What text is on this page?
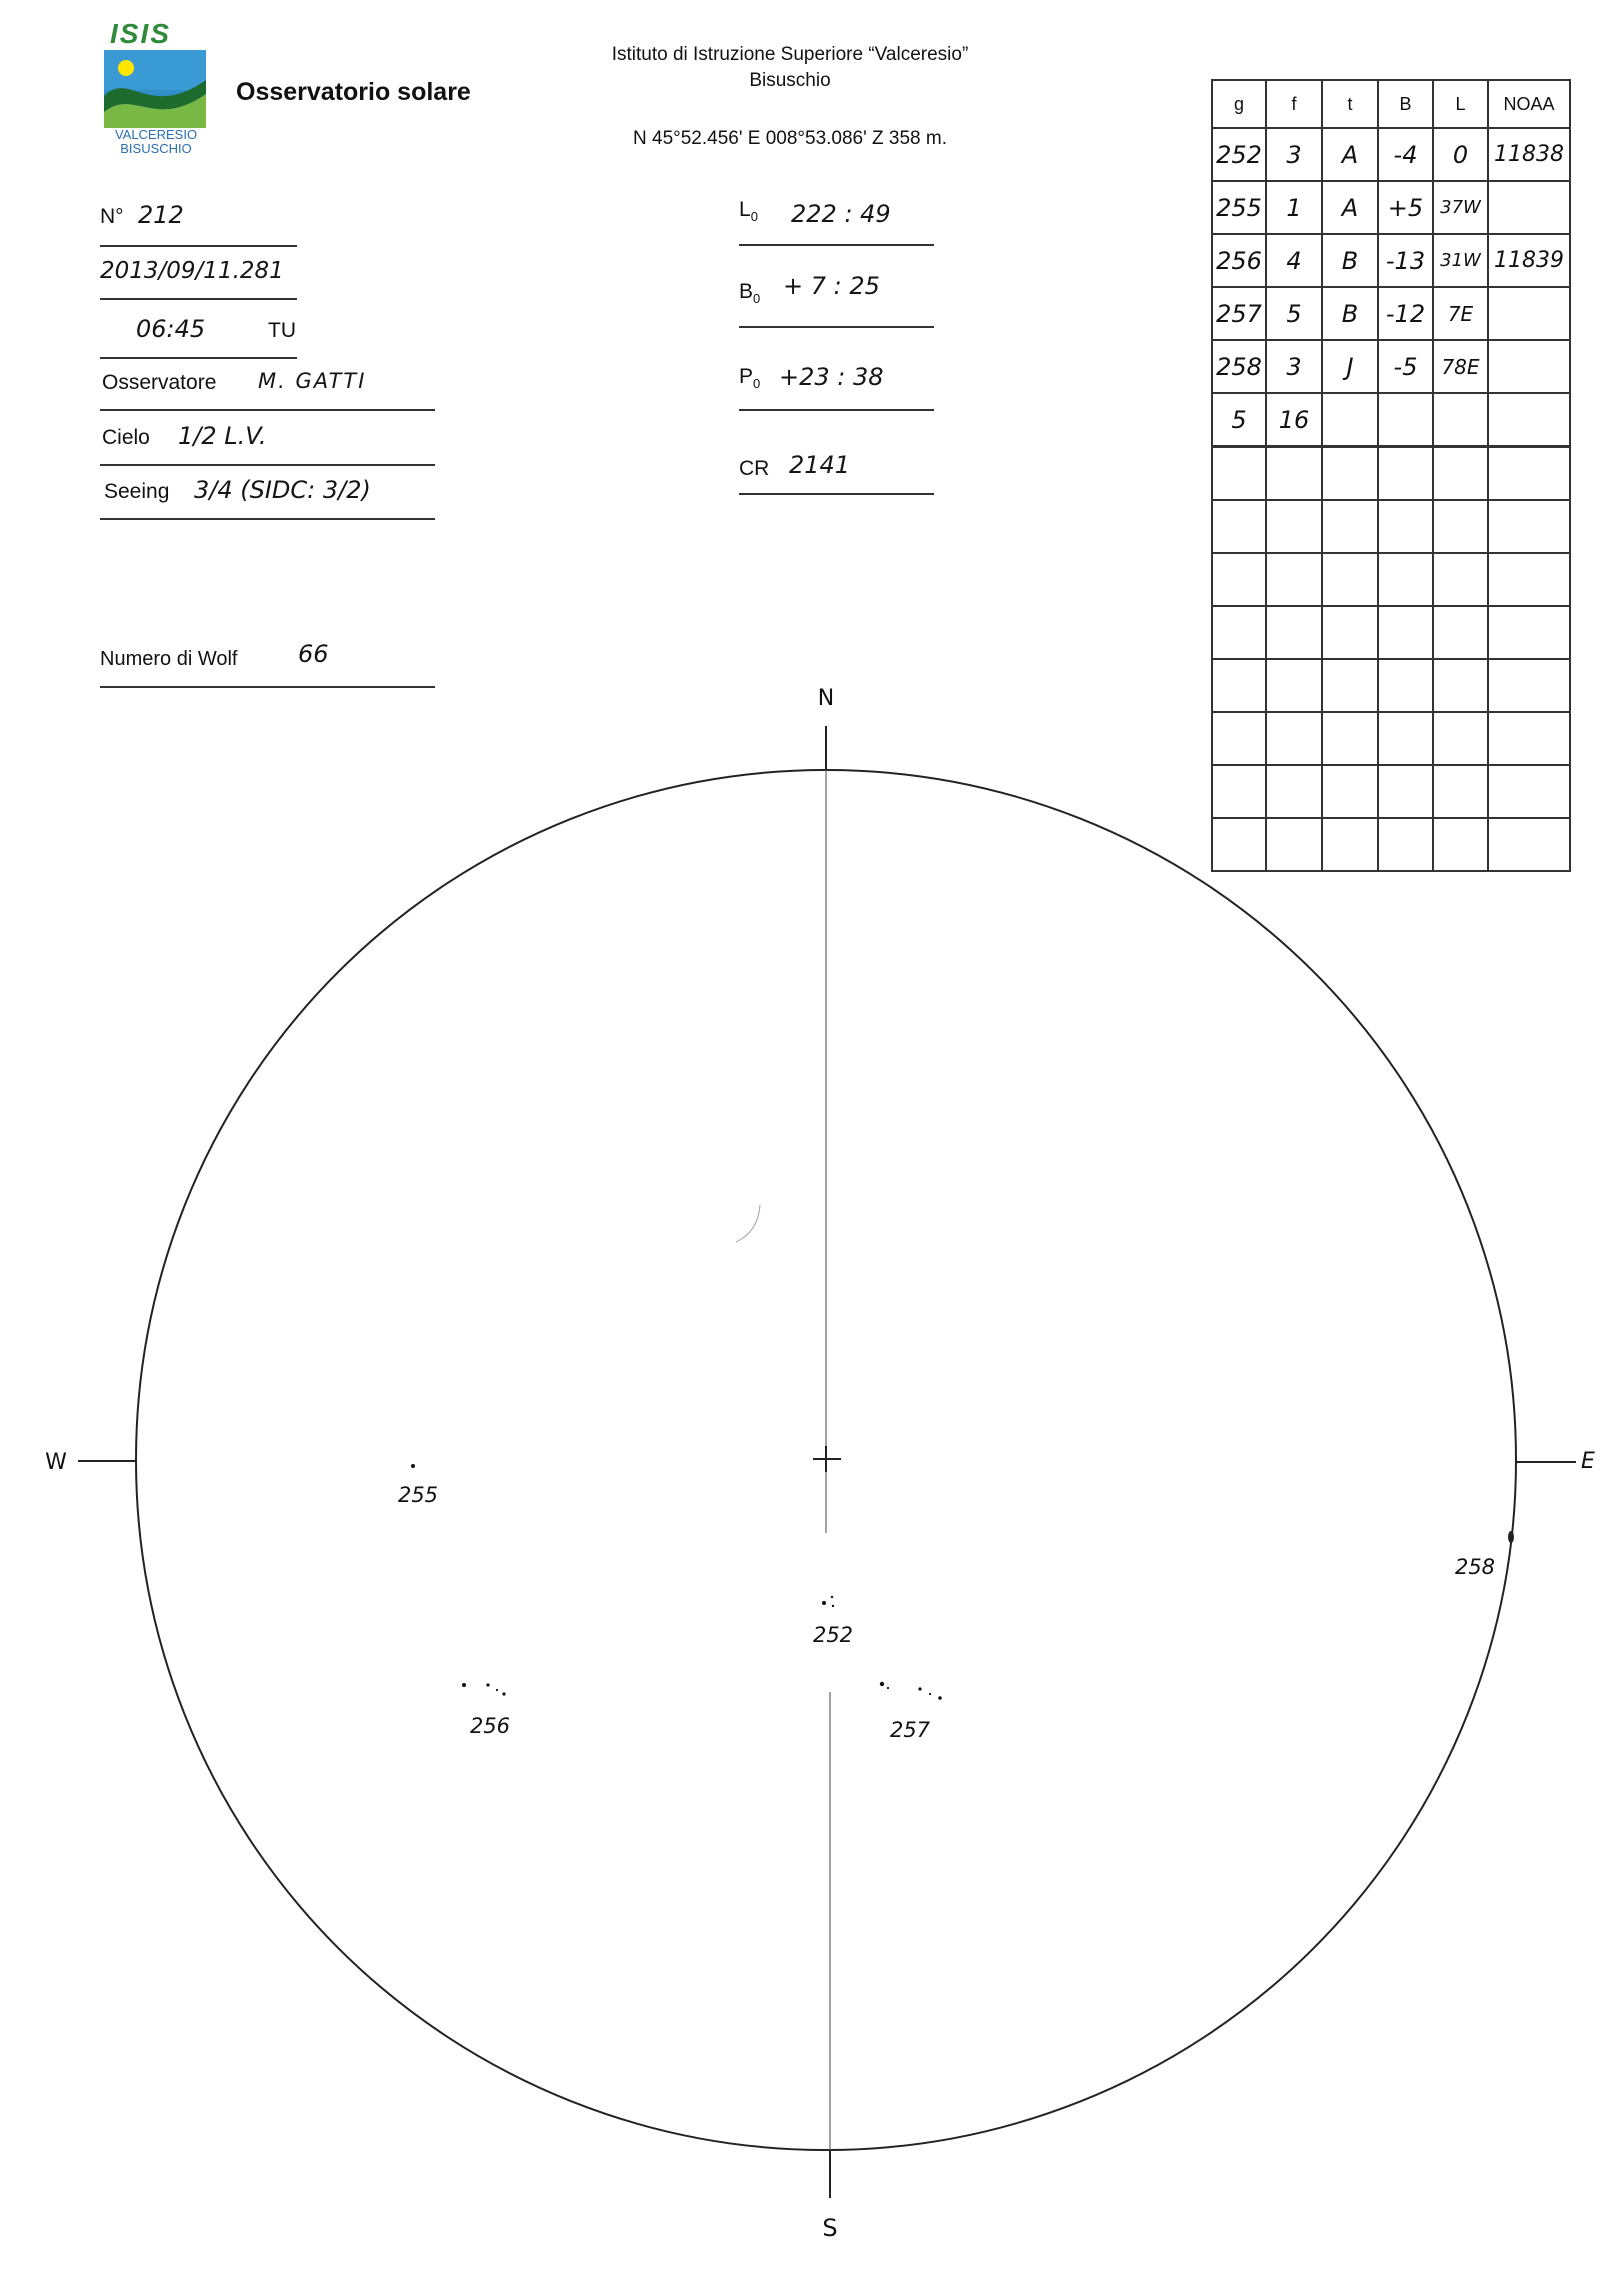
ISIS
VALCERESIO
BISUSCHIO
Osservatorio solare
Istituto di Istruzione Superiore “Valceresio”
Bisuschio
N 45°52.456' E 008°53.086' Z 358 m.
N° 212
2013/09/11.281
06:45	TU
Osservatore M. GATTI
Cielo 1/2 L.V.
Seeing 3/4 (SIDC: 3/2)
Numero di Wolf	66
$L_0$ 222 : 49
$B_0 + 7$ : 25
$P_0 +23$ : 38
CR 2141
g	f	t	B	L	NOAA
252	3	A	-4	0	11838
255	1	A	+5	37W	
256	4	B	-13	31W	11839
257	5	B	-12	7E	
258	3	J	-5	78E	
5	16				

N
S
W	E
255
252
256	257
258
